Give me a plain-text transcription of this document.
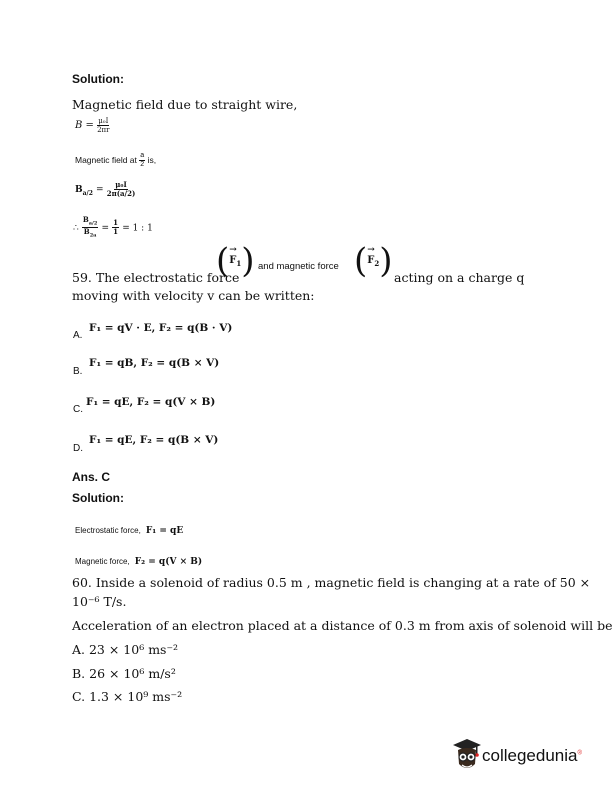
Solution:
Magnetic field due to straight wire,
$B = \frac{\text{μ₀I}}{2\pi r}$
Magnetic field at $\frac{a}{2}$ is,
$B_{a/2} = \frac{\text{μ₀I}}{2\pi(a/2)}$
∴ $\frac{B_{a/2}}{B_{2a}} = \frac{1}{1} = 1$ : 1
59. The electrostatic force
(→ $F_1$) and magnetic force (→ $F_2$) acting on a charge q
moving with velocity v can be written:
A.
F₁ = qV · E, F₂ = q(B · V)
B.
F₁ = qB, F₂ = q(B × V)
C.
F₁ = qE, F₂ = q(V × B)
D.
F₁ = qE, F₂ = q(B × V)
Ans. C
Solution:
Electrostatic force, F₁ = qE
Magnetic force, F₂ = q(V × B)
60. Inside a solenoid of radius 0.5 m , magnetic field is changing at a rate of 50 ×
10⁻⁶ T/s.
Acceleration of an electron placed at a distance of 0.3 m from axis of solenoid will be
A. 23 × 10⁶ ms⁻²
B. 26 × 10⁶ m/s²
C. 1.3 × 10⁹ ms⁻²
collegedunia®
